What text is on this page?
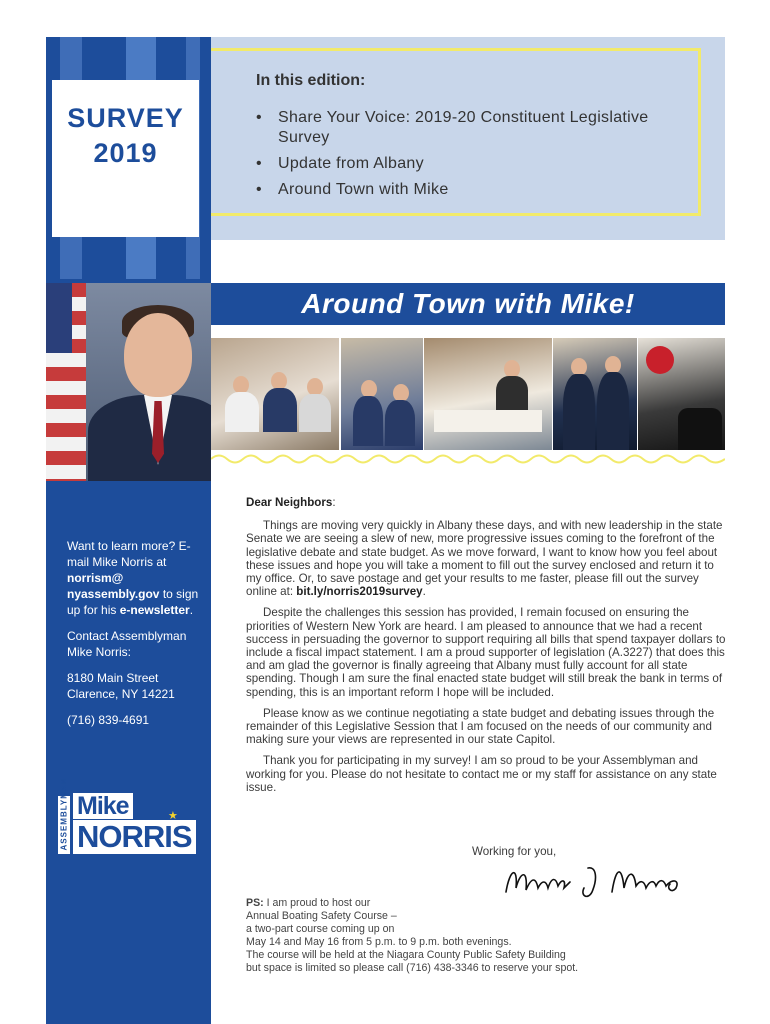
SURVEY
2019
In this edition:
• Share Your Voice: 2019-20 Constituent Legislative Survey
• Update from Albany
• Around Town with Mike
Around Town with Mike!

Want to learn more? E-mail Mike Norris at norrism@ nyassembly.gov to sign up for his e-newsletter.

Contact Assemblyman Mike Norris:

8180 Main Street
Clarence, NY 14221

(716) 839-4691

ASSEMBLYMAN Mike
NORRIS
★

Dear Neighbors:

Things are moving very quickly in Albany these days, and with new leadership in the state Senate we are seeing a slew of new, more progressive issues coming to the forefront of the legislative debate and state budget. As we move forward, I want to know how you feel about these issues and hope you will take a moment to fill out the survey enclosed and return it to my office. Or, to save postage and get your results to me faster, please fill out the survey online at: bit.ly/norris2019survey.

Despite the challenges this session has provided, I remain focused on ensuring the priorities of Western New York are heard. I am pleased to announce that we had a recent success in persuading the governor to support requiring all bills that spend taxpayer dollars to include a fiscal impact statement. I am a proud supporter of legislation (A.3227) that does this and am glad the governor is finally agreeing that Albany must fully account for all state spending. Though I am sure the final enacted state budget will still break the bank in terms of spending, this is an important reform I hope will be included.

Please know as we continue negotiating a state budget and debating issues through the remainder of this Legislative Session that I am focused on the needs of our community and making sure your views are represented in our state Capitol.

Thank you for participating in my survey! I am so proud to be your Assemblyman and working for you. Please do not hesitate to contact me or my staff for assistance on any state issue.

Working for you,
PS: I am proud to host our
Annual Boating Safety Course –
a two-part course coming up on
May 14 and May 16 from 5 p.m. to 9 p.m. both evenings.
The course will be held at the Niagara County Public Safety Building
but space is limited so please call (716) 438-3346 to reserve your spot.
